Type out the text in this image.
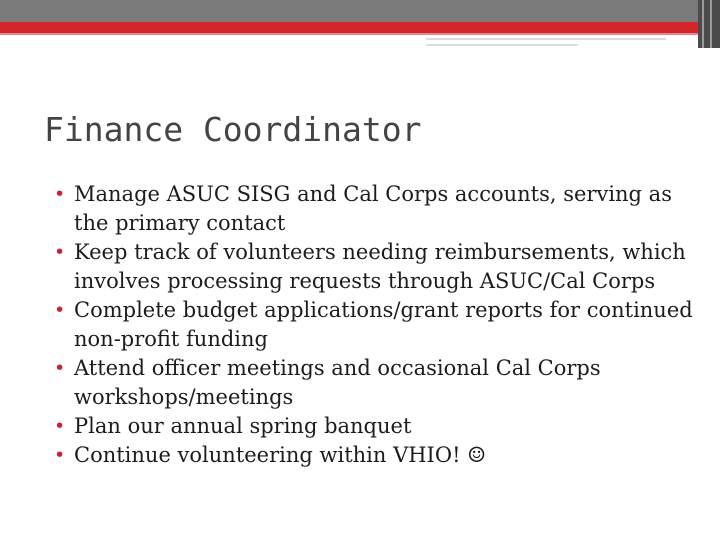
Finance Coordinator
• Manage ASUC SISG and Cal Corps accounts, serving as the primary contact
• Keep track of volunteers needing reimbursements, which involves processing requests through ASUC/Cal Corps
• Complete budget applications/grant reports for continued non-profit funding
• Attend officer meetings and occasional Cal Corps workshops/meetings
• Plan our annual spring banquet
• Continue volunteering within VHIO! ☺
